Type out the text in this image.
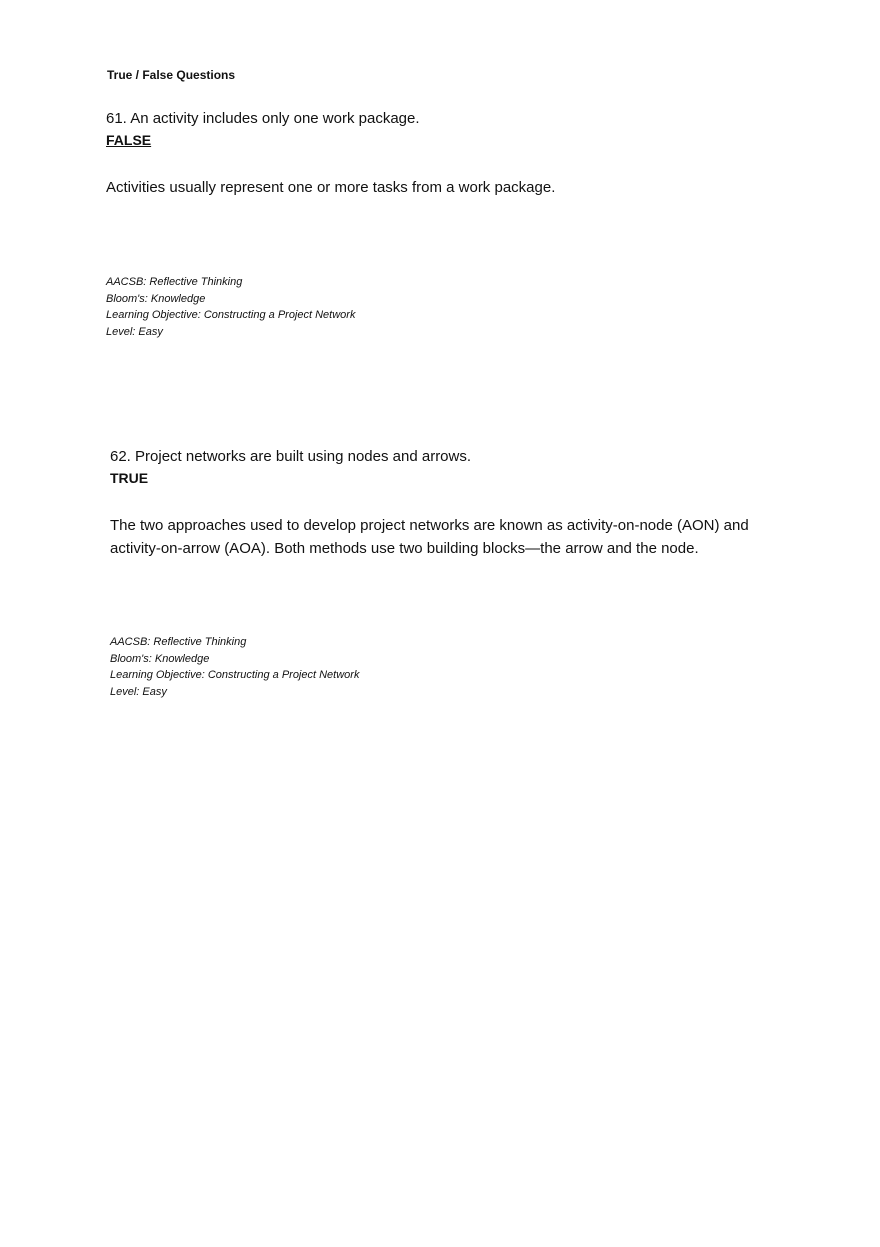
True / False Questions
61. An activity includes only one work package.
FALSE
Activities usually represent one or more tasks from a work package.
AACSB: Reflective Thinking
Bloom's: Knowledge
Learning Objective: Constructing a Project Network
Level: Easy
62. Project networks are built using nodes and arrows.
TRUE
The two approaches used to develop project networks are known as activity-on-node (AON) and activity-on-arrow (AOA). Both methods use two building blocks—the arrow and the node.
AACSB: Reflective Thinking
Bloom's: Knowledge
Learning Objective: Constructing a Project Network
Level: Easy
